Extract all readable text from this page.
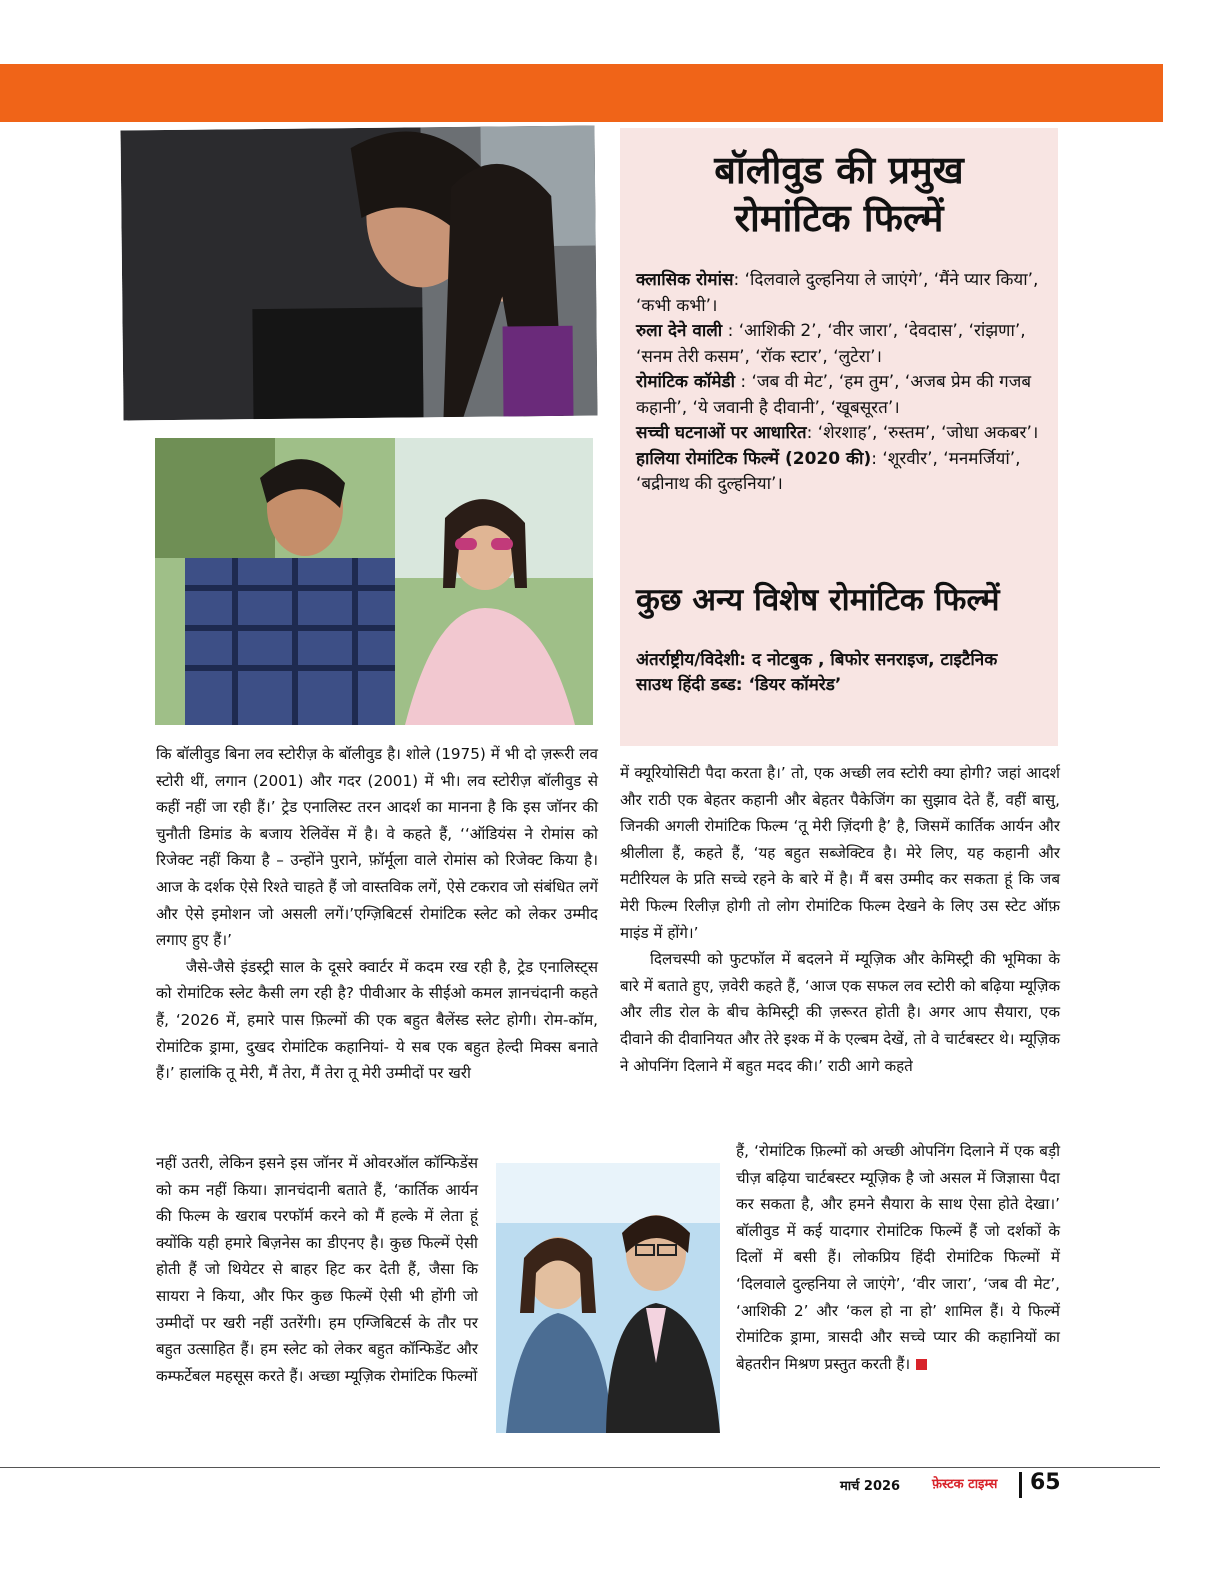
बॉलीवुड की प्रमुख
रोमांटिक फिल्में

क्लासिक रोमांस: ‘दिलवाले दुल्हनिया ले जाएंगे’, ‘मैंने प्यार किया’, ‘कभी कभी’।

रुला देने वाली : ‘आशिकी 2’, ‘वीर जारा’, ‘देवदास’, ‘रांझणा’, ‘सनम तेरी कसम’, ‘रॉक स्टार’, ‘लुटेरा’।

रोमांटिक कॉमेडी : ‘जब वी मेट’, ‘हम तुम’, ‘अजब प्रेम की गजब कहानी’, ‘ये जवानी है दीवानी’, ‘खूबसूरत’।

सच्ची घटनाओं पर आधारित: ‘शेरशाह’, ‘रुस्तम’, ‘जोधा अकबर’।

हालिया रोमांटिक फिल्में (2020 की): ‘शूरवीर’, ‘मनमर्जियां’, ‘बद्रीनाथ की दुल्हनिया’।

कुछ अन्य विशेष रोमांटिक फिल्में

अंतर्राष्ट्रीय/विदेशी: द नोटबुक , बिफोर सनराइज, टाइटैनिक

साउथ हिंदी डब्ड: ‘डियर कॉमरेड’

कि बॉलीवुड बिना लव स्टोरीज़ के बॉलीवुड है। शोले (1975) में भी दो ज़रूरी लव स्टोरी थीं, लगान (2001) और गदर (2001) में भी। लव स्टोरीज़ बॉलीवुड से कहीं नहीं जा रही हैं।’ ट्रेड एनालिस्ट तरन आदर्श का मानना है कि इस जॉनर की चुनौती डिमांड के बजाय रेलिवेंस में है। वे कहते हैं, ‘‘ऑडियंस ने रोमांस को रिजेक्ट नहीं किया है – उन्होंने पुराने, फ़ॉर्मूला वाले रोमांस को रिजेक्ट किया है। आज के दर्शक ऐसे रिश्ते चाहते हैं जो वास्तविक लगें, ऐसे टकराव जो संबंधित लगें और ऐसे इमोशन जो असली लगें।’एग्ज़िबिटर्स रोमांटिक स्लेट को लेकर उम्मीद लगाए हुए हैं।’

जैसे-जैसे इंडस्ट्री साल के दूसरे क्वार्टर में कदम रख रही है, ट्रेड एनालिस्ट्स को रोमांटिक स्लेट कैसी लग रही है? पीवीआर के सीईओ कमल ज्ञानचंदानी कहते हैं, ‘2026 में, हमारे पास फ़िल्मों की एक बहुत बैलेंस्ड स्लेट होगी। रोम-कॉम, रोमांटिक ड्रामा, दुखद रोमांटिक कहानियां- ये सब एक बहुत हेल्दी मिक्स बनाते हैं।’ हालांकि तू मेरी, मैं तेरा, मैं तेरा तू मेरी उम्मीदों पर खरी

नहीं उतरी, लेकिन इसने इस जॉनर में ओवरऑल कॉन्फिडेंस को कम नहीं किया। ज्ञानचंदानी बताते हैं, ‘कार्तिक आर्यन की फिल्म के खराब परफॉर्म करने को मैं हल्के में लेता हूं क्योंकि यही हमारे बिज़नेस का डीएनए है। कुछ फिल्में ऐसी होती हैं जो थियेटर से बाहर हिट कर देती हैं, जैसा कि सायरा ने किया, और फिर कुछ फिल्में ऐसी भी होंगी जो उम्मीदों पर खरी नहीं उतरेंगी। हम एग्जिबिटर्स के तौर पर बहुत उत्साहित हैं। हम स्लेट को लेकर बहुत कॉन्फिडेंट और कम्फर्टेबल महसूस करते हैं। अच्छा म्यूज़िक रोमांटिक फिल्मों

में क्यूरियोसिटी पैदा करता है।’ तो, एक अच्छी लव स्टोरी क्या होगी? जहां आदर्श और राठी एक बेहतर कहानी और बेहतर पैकेजिंग का सुझाव देते हैं, वहीं बासु, जिनकी अगली रोमांटिक फिल्म ‘तू मेरी ज़िंदगी है’ है, जिसमें कार्तिक आर्यन और श्रीलीला हैं, कहते हैं, ‘यह बहुत सब्जेक्टिव है। मेरे लिए, यह कहानी और मटीरियल के प्रति सच्चे रहने के बारे में है। मैं बस उम्मीद कर सकता हूं कि जब मेरी फिल्म रिलीज़ होगी तो लोग रोमांटिक फिल्म देखने के लिए उस स्टेट ऑफ़ माइंड में होंगे।’

दिलचस्पी को फुटफॉल में बदलने में म्यूज़िक और केमिस्ट्री की भूमिका के बारे में बताते हुए, ज़वेरी कहते हैं, ‘आज एक सफल लव स्टोरी को बढ़िया म्यूज़िक और लीड रोल के बीच केमिस्ट्री की ज़रूरत होती है। अगर आप सैयारा, एक दीवाने की दीवानियत और तेरे इश्क में के एल्बम देखें, तो वे चार्टबस्टर थे। म्यूज़िक ने ओपनिंग दिलाने में बहुत मदद की।’ राठी आगे कहते

हैं, ‘रोमांटिक फ़िल्मों को अच्छी ओपनिंग दिलाने में एक बड़ी चीज़ बढ़िया चार्टबस्टर म्यूज़िक है जो असल में जिज्ञासा पैदा कर सकता है, और हमने सैयारा के साथ ऐसा होते देखा।’ बॉलीवुड में कई यादगार रोमांटिक फिल्में हैं जो दर्शकों के दिलों में बसी हैं। लोकप्रिय हिंदी रोमांटिक फिल्मों में ‘दिलवाले दुल्हनिया ले जाएंगे’, ‘वीर जारा’, ‘जब वी मेट’, ‘आशिकी 2’ और ‘कल हो ना हो’ शामिल हैं। ये फिल्में रोमांटिक ड्रामा, त्रासदी और सच्चे प्यार की कहानियों का बेहतरीन मिश्रण प्रस्तुत करती हैं।

मार्च 2026 फ़ेस्टक टाइम्स 65
